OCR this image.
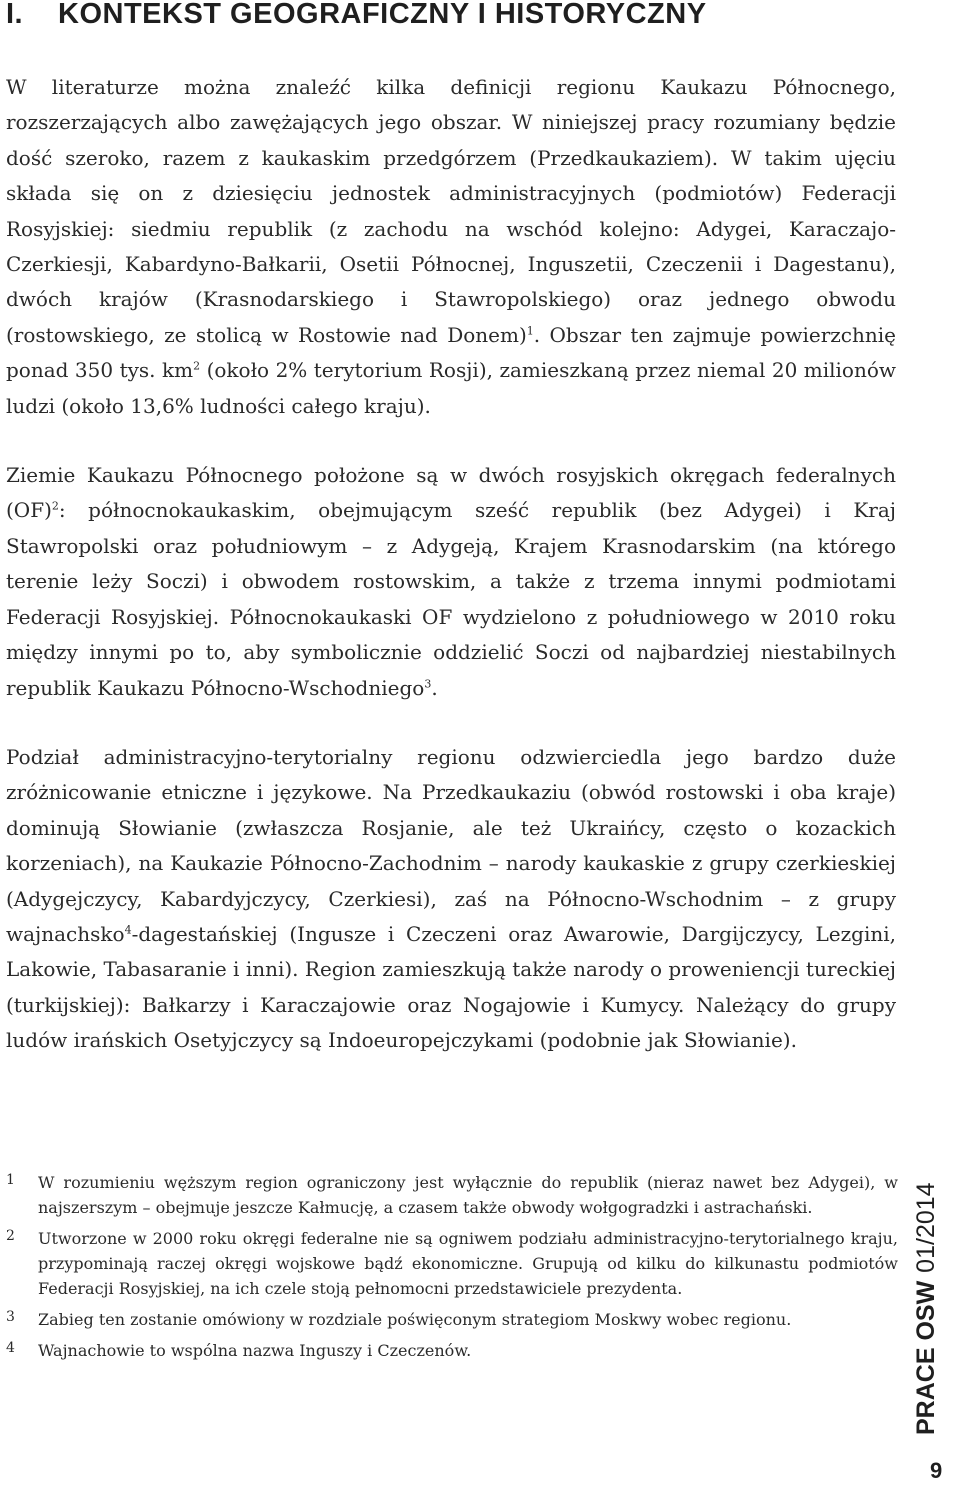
I. KONTEKST GEOGRAFICZNY I HISTORYCZNY

W literaturze można znaleźć kilka definicji regionu Kaukazu Północnego, rozszerzających albo zawężających jego obszar. W niniejszej pracy rozumiany będzie dość szeroko, razem z kaukaskim przedgórzem (Przedkaukaziem). W takim ujęciu składa się on z dziesięciu jednostek administracyjnych (podmiotów) Federacji Rosyjskiej: siedmiu republik (z zachodu na wschód kolejno: Adygei, Karaczajo-Czerkiesji, Kabardyno-Bałkarii, Osetii Północnej, Inguszetii, Czeczenii i Dagestanu), dwóch krajów (Krasnodarskiego i Stawropolskiego) oraz jednego obwodu (rostowskiego, ze stolicą w Rostowie nad Donem)$^1$. Obszar ten zajmuje powierzchnię ponad 350 tys. $km^2$ (około 2% terytorium Rosji), zamieszkaną przez niemal 20 milionów ludzi (około 13,6% ludności całego kraju).

Ziemie Kaukazu Północnego położone są w dwóch rosyjskich okręgach federalnych (OF)$^2$: północnokaukaskim, obejmującym sześć republik (bez Adygei) i Kraj Stawropolski oraz południowym – z Adygeją, Krajem Krasnodarskim (na którego terenie leży Soczi) i obwodem rostowskim, a także z trzema innymi podmiotami Federacji Rosyjskiej. Północnokaukaski OF wydzielono z południowego w 2010 roku między innymi po to, aby symbolicznie oddzielić Soczi od najbardziej niestabilnych republik Kaukazu Północno-Wschodniego$^3$.

Podział administracyjno-terytorialny regionu odzwierciedla jego bardzo duże zróżnicowanie etniczne i językowe. Na Przedkaukaziu (obwód rostowski i oba kraje) dominują Słowianie (zwłaszcza Rosjanie, ale też Ukraińcy, często o kozackich korzeniach), na Kaukazie Północno-Zachodnim – narody kaukaskie z grupy czerkieskiej (Adygejczycy, Kabardyjczycy, Czerkiesi), zaś na Północno-Wschodnim – z grupy wajnachsko$^4$-dagestańskiej (Ingusze i Czeczeni oraz Awarowie, Dargijczycy, Lezgini, Lakowie, Tabasaranie i inni). Region zamieszkują także narody o proweniencji tureckiej (turkijskiej): Bałkarzy i Karaczajowie oraz Nogajowie i Kumycy. Należący do grupy ludów irańskich Osetyjczycy są Indoeuropejczykami (podobnie jak Słowianie).

1	W rozumieniu węższym region ograniczony jest wyłącznie do republik (nieraz nawet bez Adygei), w najszerszym – obejmuje jeszcze Kałmucję, a czasem także obwody wołgogradzki i astrachański.
2	Utworzone w 2000 roku okręgi federalne nie są ogniwem podziału administracyjno-terytorialnego kraju, przypominają raczej okręgi wojskowe bądź ekonomiczne. Grupują od kilku do kilkunastu podmiotów Federacji Rosyjskiej, na ich czele stoją pełnomocni przedstawiciele prezydenta.
3	Zabieg ten zostanie omówiony w rozdziale poświęconym strategiom Moskwy wobec regionu.
4	Wajnachowie to wspólna nazwa Inguszy i Czeczenów.	PRACE OSW01/2014
9
